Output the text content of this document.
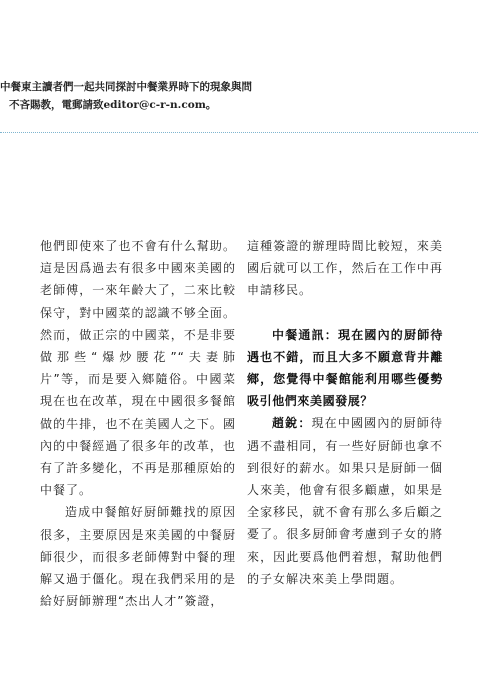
中餐東主讀者們一起共同探討中餐業界時下的現象與問
不吝賜教，電郵請致editor@c-r-n.com。

他們即使來了也不會有什么幫助。這是因爲過去有很多中國來美國的老師傅，一來年齡大了，二來比較保守，對中國菜的認識不够全面。然而，做正宗的中國菜，不是非要做那些“爆炒腰花”“夫妻肺片”等，而是要入鄉隨俗。中國菜現在也在改革，現在中國很多餐館做的牛排，也不在美國人之下。國內的中餐經過了很多年的改革，也有了許多變化，不再是那種原始的中餐了。

造成中餐館好厨師難找的原因很多，主要原因是來美國的中餐厨師很少，而很多老師傅對中餐的理解又過于僵化。現在我們采用的是給好厨師辦理“杰出人才”簽證，

這種簽證的辦理時間比較短，來美國后就可以工作，然后在工作中再申請移民。

中餐通訊：現在國內的厨師待遇也不錯，而且大多不願意背井離鄉，您覺得中餐館能利用哪些優勢吸引他們來美國發展？

趙銳：現在中國國內的厨師待遇不盡相同，有一些好厨師也拿不到很好的薪水。如果只是厨師一個人來美，他會有很多顧慮，如果是全家移民，就不會有那么多后顧之憂了。很多厨師會考慮到子女的將來，因此要爲他們着想，幫助他們的子女解决來美上學問題。
